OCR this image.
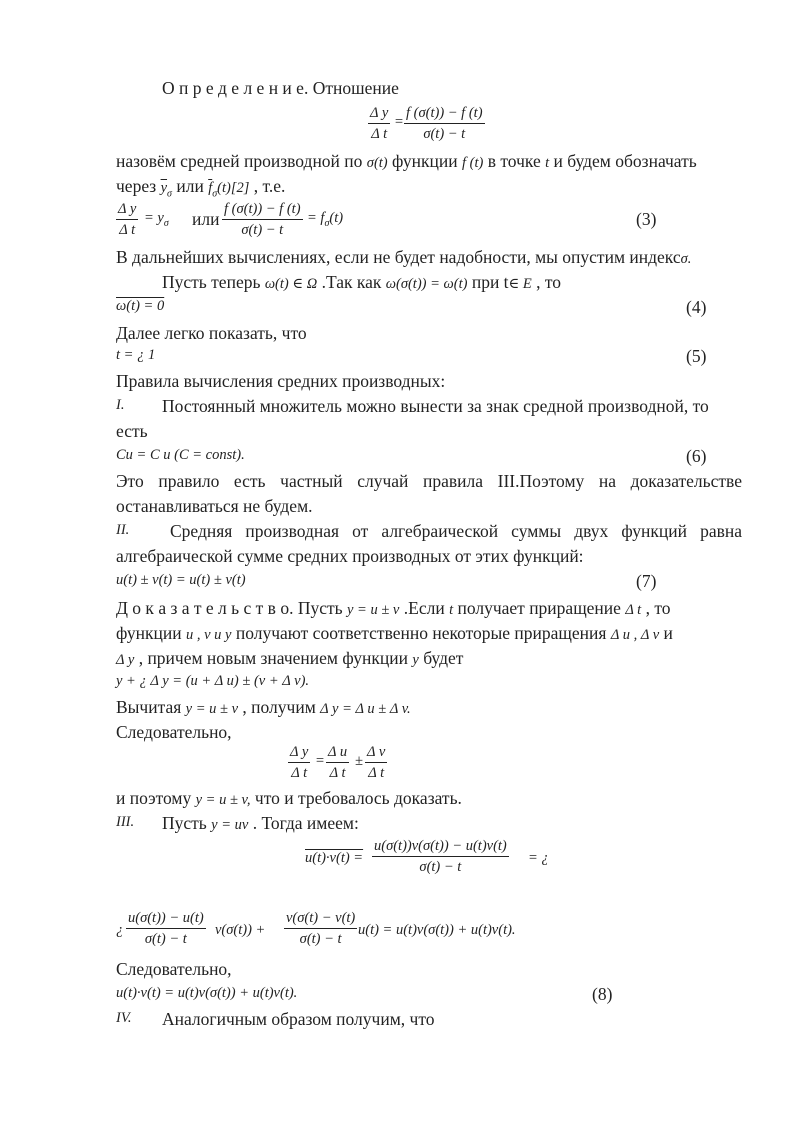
$\frac{\text{Δ y}}{\text{Δ t}} = \frac{f (\sigma(t)) - f (t)}{\sigma(t) - t}$
О п р е д е л е н и е. Отношение
назовём средней производной по σ(t) функции f (t) в точке t и будем обозначать
через $\overline{y}_\sigma$ или $\overline{f}_\sigma(t)[2]$ , т.е.
$\frac{\text{Δ y}}{\text{Δ t}} = y_\sigma$ или $\frac{f (\sigma(t)) - f (t)}{\sigma(t) - t} = f_\sigma(t)$	(3)
В дальнейших вычислениях, если не будет надобности, мы опустим индексσ.
Пусть теперь ω(t) ∈ Ω .Так как ω(σ(t)) = ω(t) при t∈ E , то
ω(t) = 0	(4)
Далее легко показать, что
t = ¿ 1	(5)
Правила вычисления средних производных:
I. Постоянный множитель можно вынести за знак средной производной, то
есть
Cu = C u (C = const).	(6)
Это правило есть частный случай правила III.Поэтому на доказательстве
останавливаться не будем.
II. Средняя производная от алгебраической суммы двух функций равна
алгебраической сумме средних производных от этих функций:
u(t) ± v(t) = u(t) ± v(t)	(7)
Д о к а з а т е л ь с т в о. Пусть y = u ± v .Если t получает приращение Δ t , то
функции u , v u y получают соответственно некоторые приращения Δ u , Δ v и
Δ y , причем новым значением функции y будет
y + ¿ Δ y = (u + Δ u) ± (v + Δ v).
Вычитая y = u ± v , получим Δ y = Δ u ± Δ v.
Следовательно,
$\frac{\text{Δ y}}{\text{Δ t}} = \frac{\text{Δ u}}{\text{Δ t}} \pm \frac{\text{Δ v}}{\text{Δ t}}$
и поэтому y = u ± v, что и требовалось доказать.
III. Пусть y = uv . Тогда имеем:
$u(t)\cdot v(t) = \frac{u(\sigma(t))v(\sigma(t)) - u(t)v(t)}{\sigma(t) - t}$ = ¿
¿ $\frac{u(\sigma(t)) - u(t)}{\sigma(t) - t} v(\sigma(t)) + \frac{v(\sigma(t) - v(t)}{\sigma(t) - t} u(t) = u(t)v(\sigma(t)) + u(t)v(t)$.
Следовательно,
u(t)·v(t) = u(t)v(σ(t)) + u(t)v(t).	(8)
IV. Аналогичным образом получим, что
